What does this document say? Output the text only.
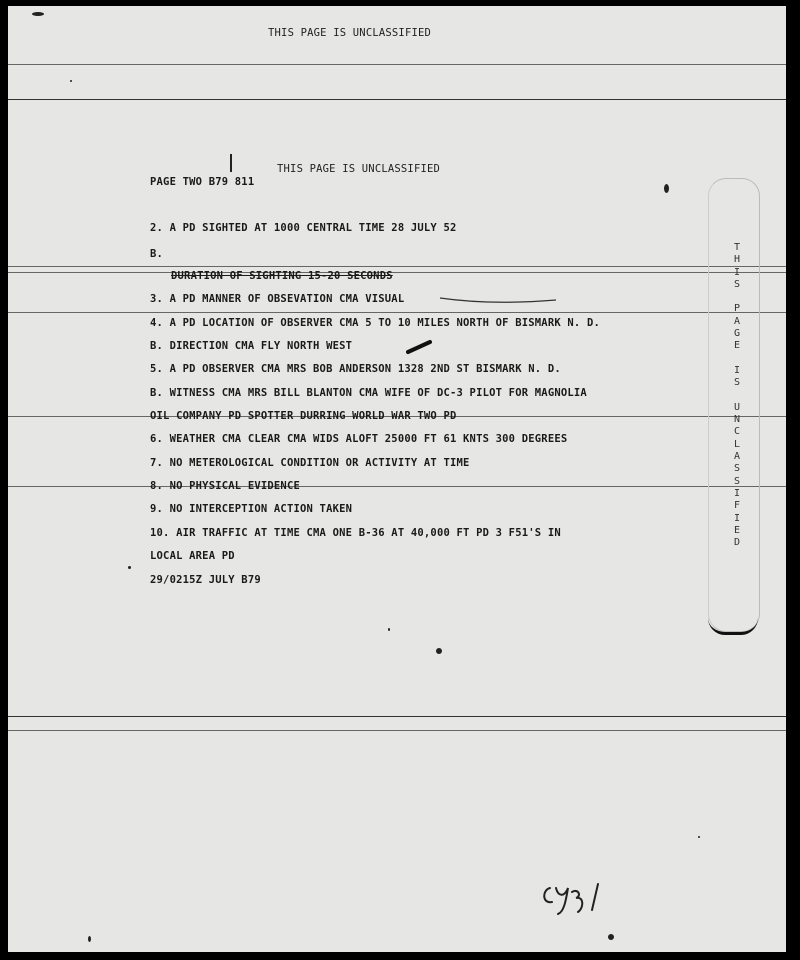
THIS PAGE IS UNCLASSIFIED
THIS PAGE IS UNCLASSIFIED
PAGE TWO B79 811
2. A PD SIGHTED AT 1000 CENTRAL TIME 28 JULY 52
B.
DURATION OF SIGHTING 15-20 SECONDS
3. A PD MANNER OF OBSEVATION CMA VISUAL
4. A PD LOCATION OF OBSERVER CMA 5 TO 10 MILES NORTH OF BISMARK N. D.
B. DIRECTION CMA FLY NORTH WEST
5. A PD OBSERVER CMA MRS BOB ANDERSON 1328 2ND ST BISMARK N. D.
B. WITNESS CMA MRS BILL BLANTON CMA WIFE OF DC-3 PILOT FOR MAGNOLIA
OIL COMPANY PD SPOTTER DURRING WORLD WAR TWO PD
6. WEATHER CMA CLEAR CMA WIDS ALOFT 25000 FT 61 KNTS 300 DEGREES
7. NO METEROLOGICAL CONDITION OR ACTIVITY AT TIME
8. NO PHYSICAL EVIDENCE
9. NO INTERCEPTION ACTION TAKEN
10. AIR TRAFFIC AT TIME CMA ONE B-36 AT 40,000 FT PD 3 F51'S IN
LOCAL AREA PD
29/0215Z JULY B79
T
H
I
S

P
A
G
E

I
S

U
N
C
L
A
S
S
I
F
I
E
D
